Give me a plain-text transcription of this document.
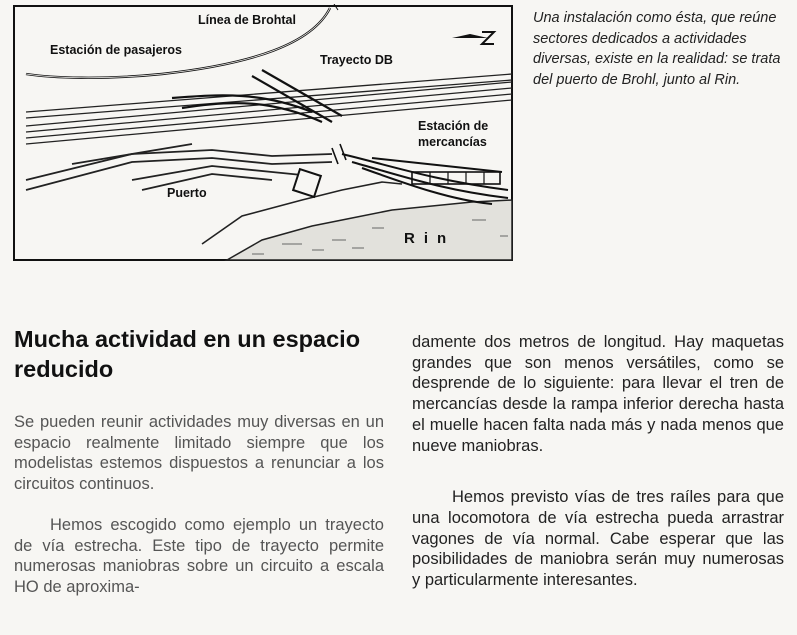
Línea de Brohtal
Estación de pasajeros
Trayecto DB
Estación de
mercancías
Puerto
Rin
Una instalación como ésta, que reúne sectores dedicados a actividades diversas, existe en la realidad: se trata del puerto de Brohl, junto al Rin.
Mucha actividad en un espacio reducido

Se pueden reunir actividades muy diversas en un espacio realmente limitado siempre que los modelistas estemos dispuestos a renunciar a los circuitos continuos.

Hemos escogido como ejemplo un trayecto de vía estrecha. Este tipo de trayecto permite numerosas maniobras sobre un circuito a escala HO de aproxima-

damente dos metros de longitud. Hay maquetas grandes que son menos versátiles, como se desprende de lo siguiente: para llevar el tren de mercancías desde la rampa inferior derecha hasta el muelle hacen falta nada más y nada menos que nueve maniobras.

Hemos previsto vías de tres raíles para que una locomotora de vía estrecha pueda arrastrar vagones de vía normal. Cabe esperar que las posibilidades de maniobra serán muy numerosas y particularmente interesantes.
